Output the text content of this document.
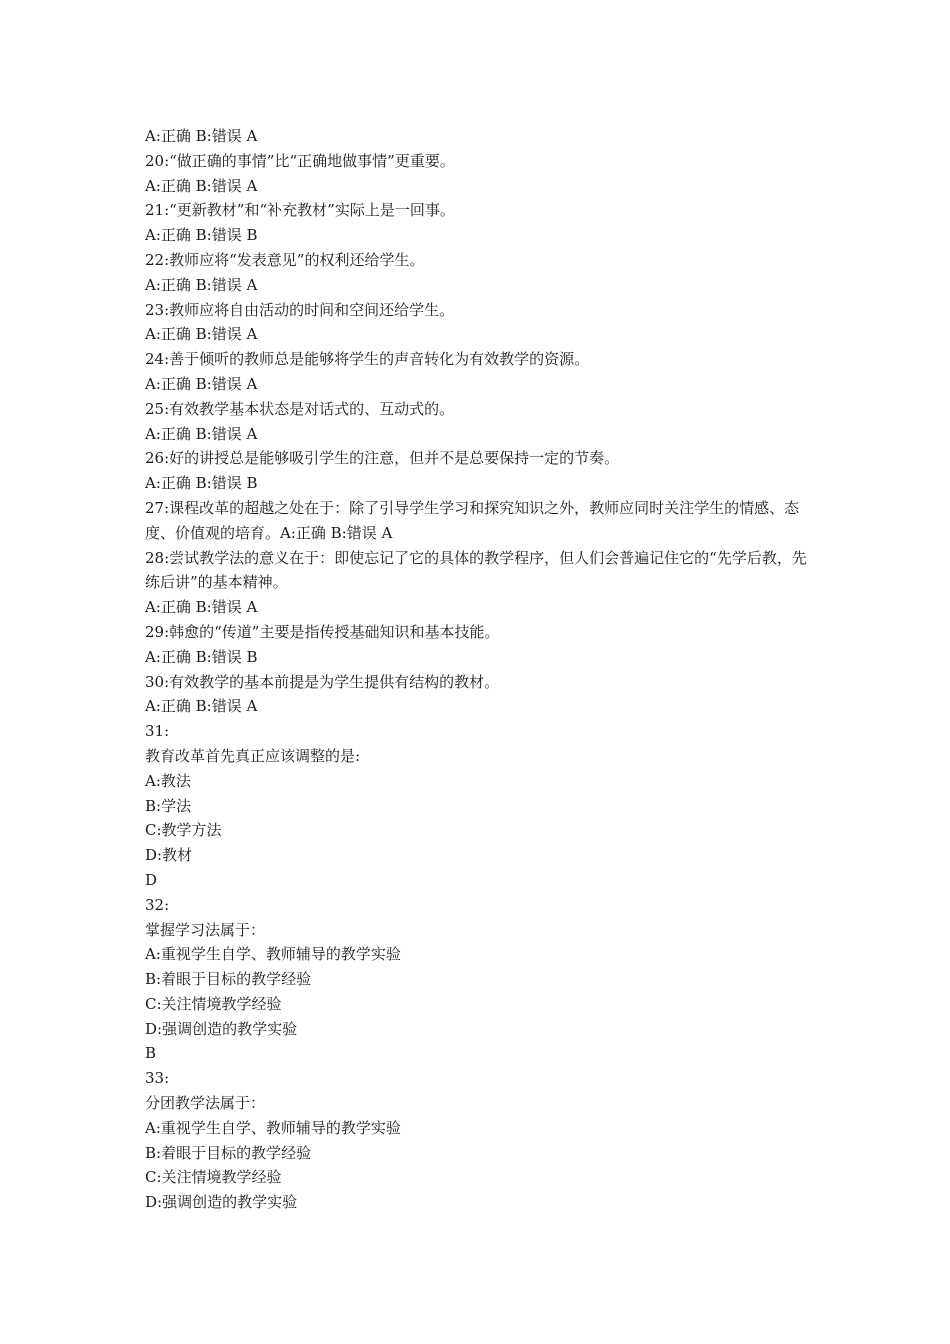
A:正确 B:错误 A
20:“做正确的事情”比“正确地做事情”更重要。
A:正确 B:错误 A
21:“更新教材”和“补充教材”实际上是一回事。
A:正确 B:错误 B
22:教师应将“发表意见”的权利还给学生。
A:正确 B:错误 A
23:教师应将自由活动的时间和空间还给学生。
A:正确 B:错误 A
24:善于倾听的教师总是能够将学生的声音转化为有效教学的资源。
A:正确 B:错误 A
25:有效教学基本状态是对话式的、互动式的。
A:正确 B:错误 A
26:好的讲授总是能够吸引学生的注意，但并不是总要保持一定的节奏。
A:正确 B:错误 B
27:课程改革的超越之处在于：除了引导学生学习和探究知识之外，教师应同时关注学生的情感、态度、价值观的培育。A:正确 B:错误 A
28:尝试教学法的意义在于：即使忘记了它的具体的教学程序，但人们会普遍记住它的“先学后教，先练后讲”的基本精神。
A:正确 B:错误 A
29:韩愈的“传道”主要是指传授基础知识和基本技能。
A:正确 B:错误 B
30:有效教学的基本前提是为学生提供有结构的教材。
A:正确 B:错误 A
31:
教育改革首先真正应该调整的是:
A:教法
B:学法
C:教学方法
D:教材
D
32:
掌握学习法属于：
A:重视学生自学、教师辅导的教学实验
B:着眼于目标的教学经验
C:关注情境教学经验
D:强调创造的教学实验
B
33:
分团教学法属于：
A:重视学生自学、教师辅导的教学实验
B:着眼于目标的教学经验
C:关注情境教学经验
D:强调创造的教学实验
